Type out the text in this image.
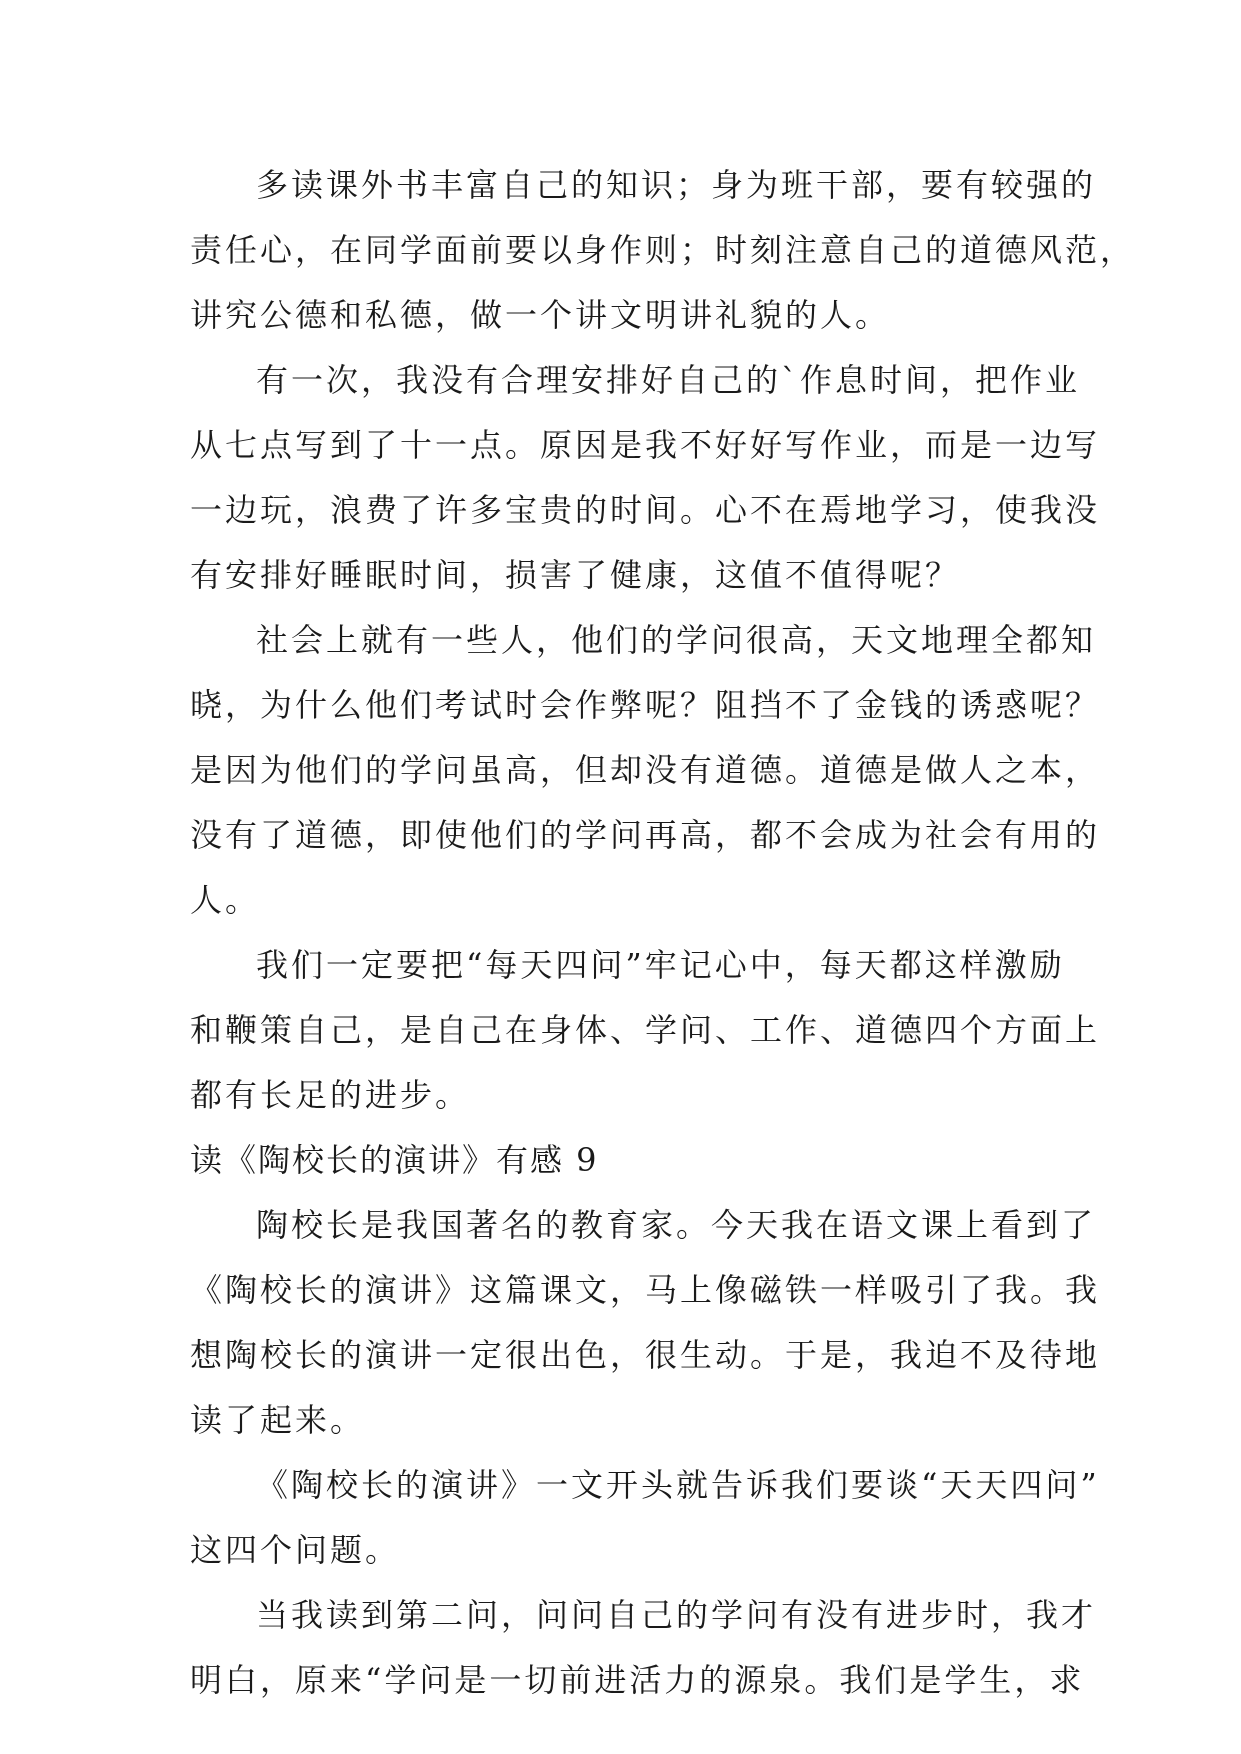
多读课外书丰富自己的知识；身为班干部，要有较强的
责任心，在同学面前要以身作则；时刻注意自己的道德风范，
讲究公德和私德，做一个讲文明讲礼貌的人。
有一次，我没有合理安排好自己的`作息时间，把作业
从七点写到了十一点。原因是我不好好写作业，而是一边写
一边玩，浪费了许多宝贵的时间。心不在焉地学习，使我没
有安排好睡眠时间，损害了健康，这值不值得呢？
社会上就有一些人，他们的学问很高，天文地理全都知
晓，为什么他们考试时会作弊呢？阻挡不了金钱的诱惑呢？
是因为他们的学问虽高，但却没有道德。道德是做人之本，
没有了道德，即使他们的学问再高，都不会成为社会有用的
人。
我们一定要把“每天四问”牢记心中，每天都这样激励
和鞭策自己，是自己在身体、学问、工作、道德四个方面上
都有长足的进步。
读《陶校长的演讲》有感 9
陶校长是我国著名的教育家。今天我在语文课上看到了
《陶校长的演讲》这篇课文，马上像磁铁一样吸引了我。我
想陶校长的演讲一定很出色，很生动。于是，我迫不及待地
读了起来。
《陶校长的演讲》一文开头就告诉我们要谈“天天四问”
这四个问题。
当我读到第二问，问问自己的学问有没有进步时，我才
明白，原来“学问是一切前进活力的源泉。我们是学生，求
